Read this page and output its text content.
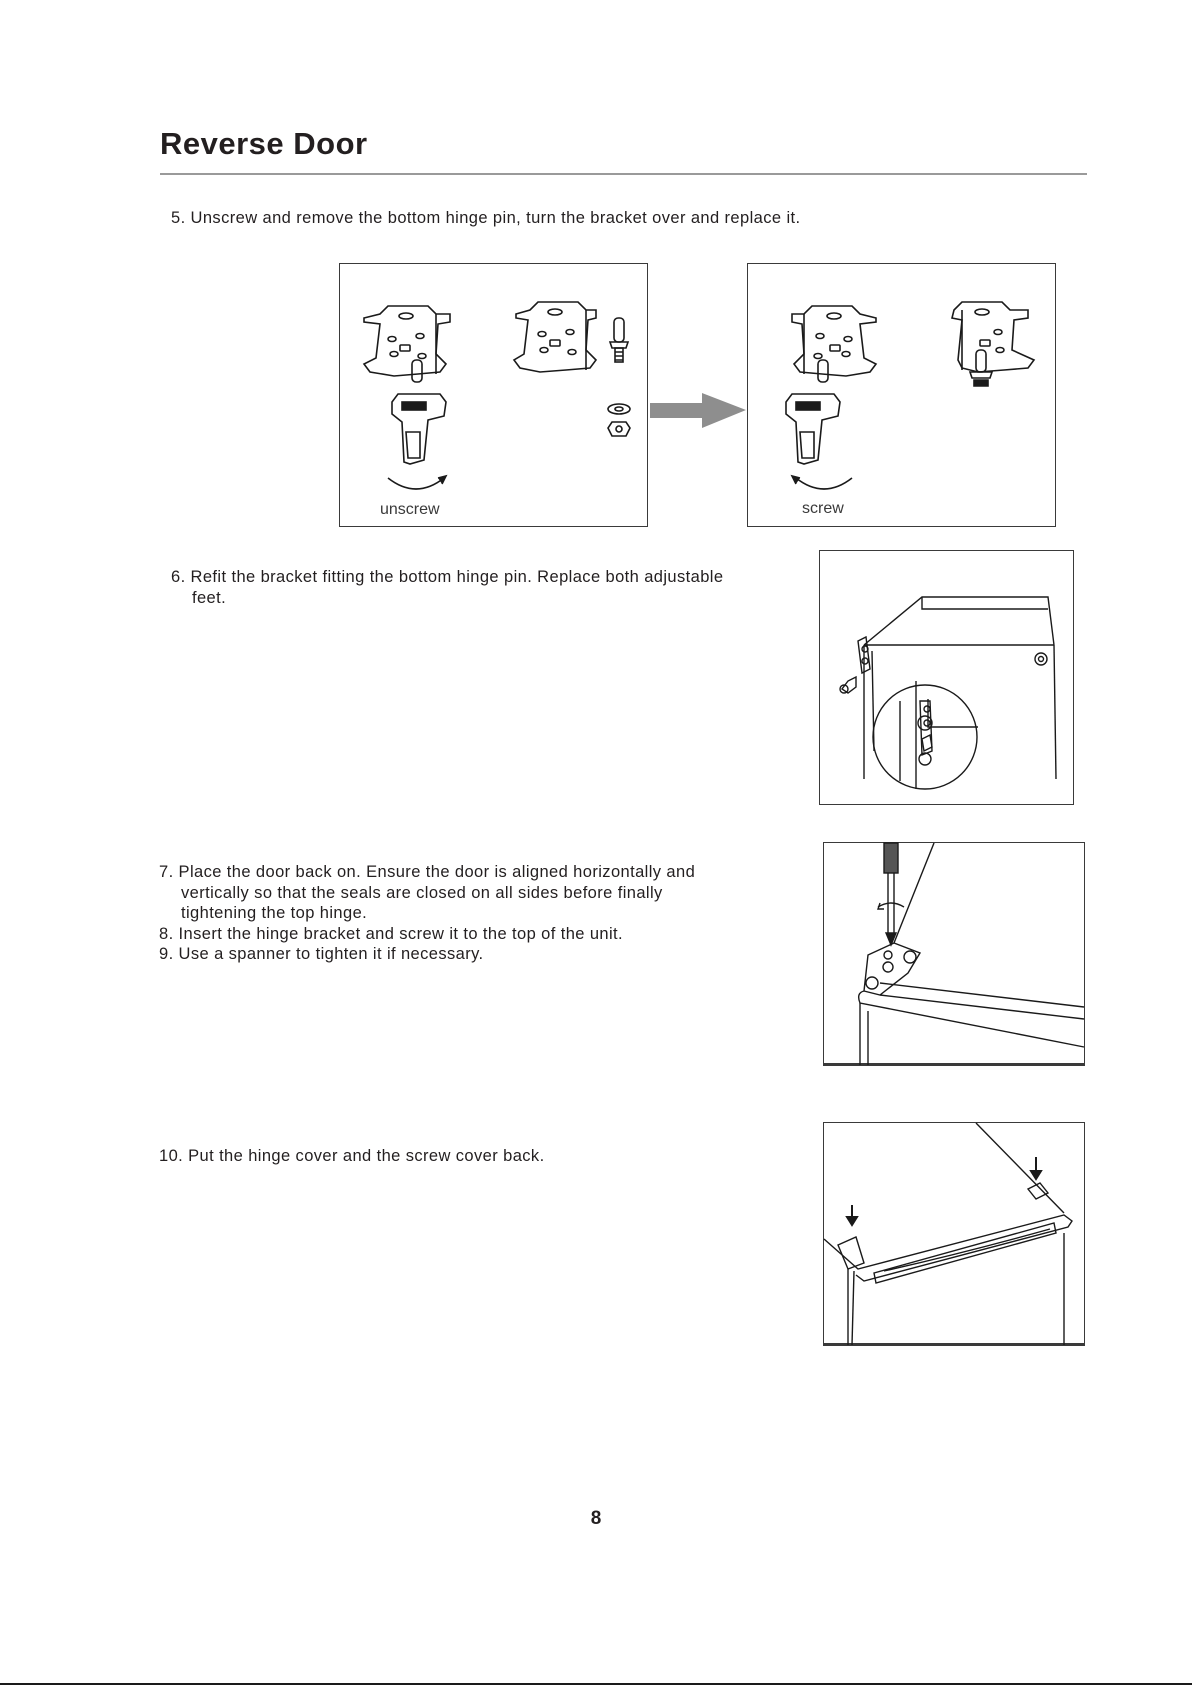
Reverse Door
5. Unscrew and remove the bottom hinge pin, turn the bracket over and replace it.
unscrew	screw
6. Refit the bracket fitting the bottom hinge pin. Replace both adjustable
feet.
7. Place the door back on. Ensure the door is aligned horizontally and
vertically so that the seals are closed on all sides before finally
tightening the top hinge.
8. Insert the hinge bracket and screw it to the top of the unit.
9. Use a spanner to tighten it if necessary.
10. Put the hinge cover and the screw cover back.
8
